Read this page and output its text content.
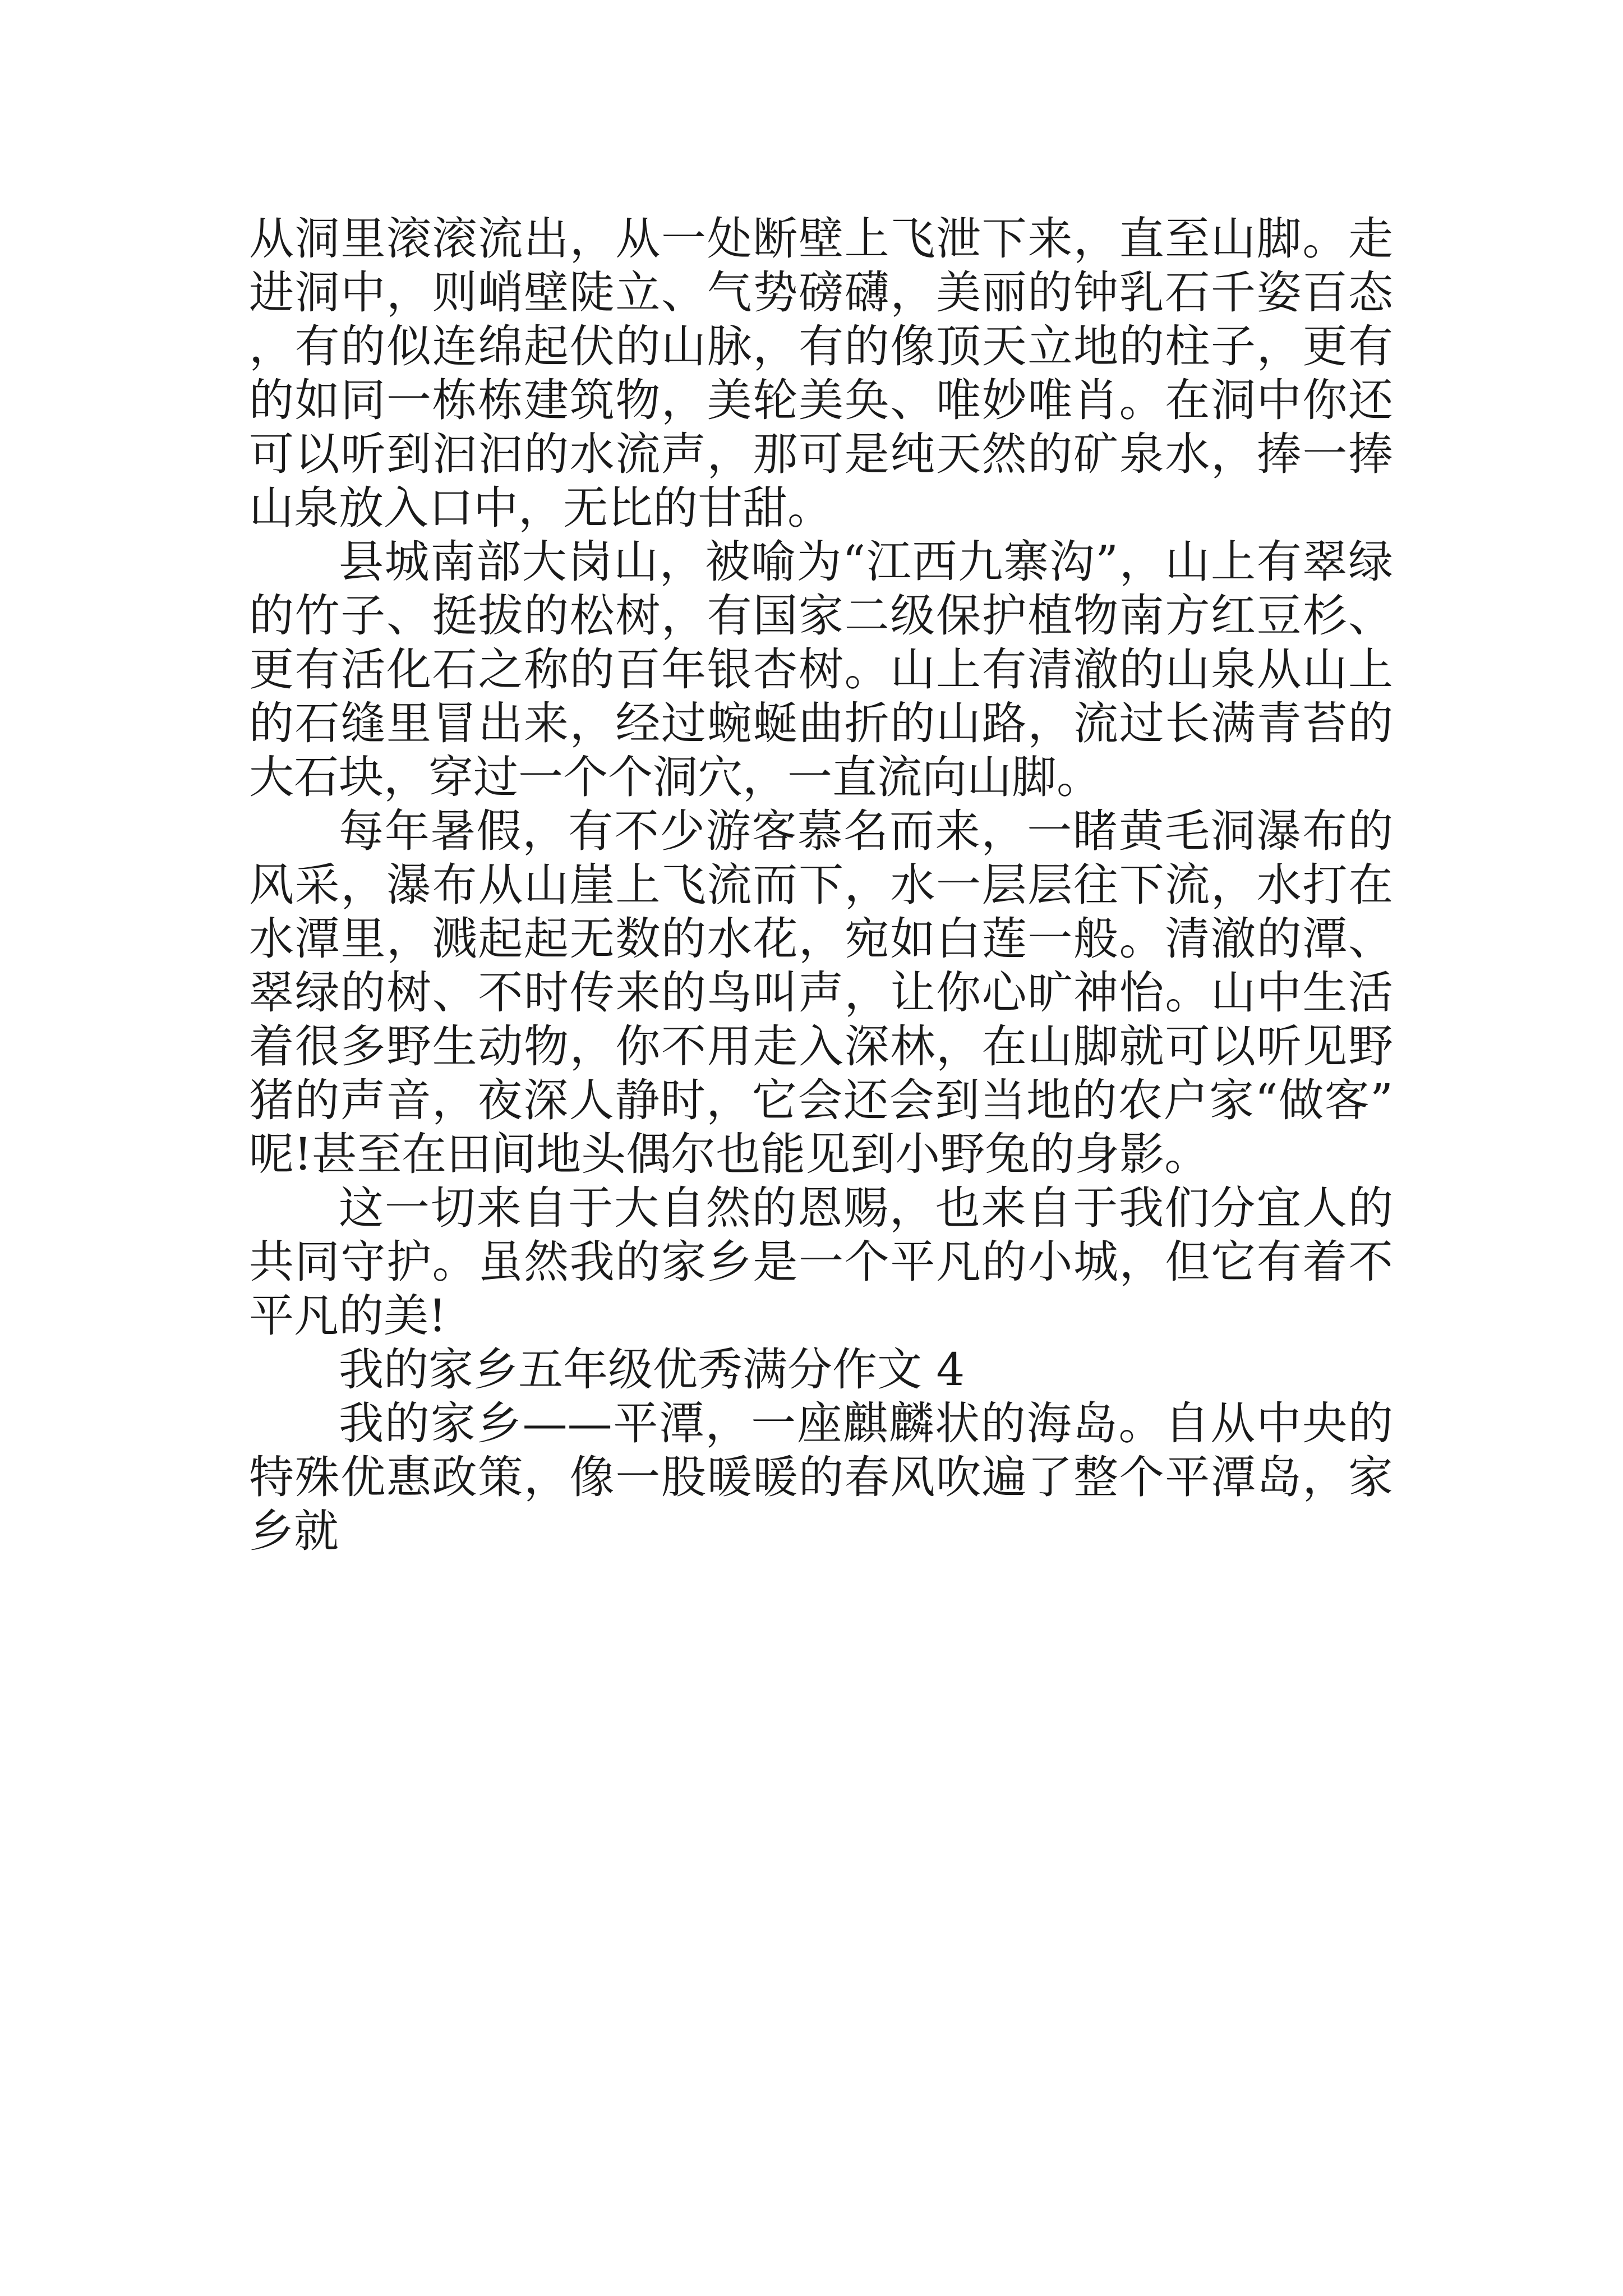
从洞里滚滚流出，从一处断壁上飞泄下来，直至山脚。走进洞中，则峭壁陡立、气势磅礴，美丽的钟乳石千姿百态，有的似连绵起伏的山脉，有的像顶天立地的柱子，更有的如同一栋栋建筑物，美轮美奂、唯妙唯肖。在洞中你还可以听到汩汩的水流声，那可是纯天然的矿泉水，捧一捧山泉放入口中，无比的甘甜。

县城南部大岗山，被喻为“江西九寨沟”，山上有翠绿的竹子、挺拔的松树，有国家二级保护植物南方红豆杉、更有活化石之称的百年银杏树。山上有清澈的山泉从山上的石缝里冒出来，经过蜿蜒曲折的山路，流过长满青苔的大石块，穿过一个个洞穴，一直流向山脚。

每年暑假，有不少游客慕名而来，一睹黄毛洞瀑布的风采，瀑布从山崖上飞流而下，水一层层往下流，水打在水潭里，溅起起无数的水花，宛如白莲一般。清澈的潭、翠绿的树、不时传来的鸟叫声，让你心旷神怡。山中生活着很多野生动物，你不用走入深林，在山脚就可以听见野猪的声音，夜深人静时，它会还会到当地的农户家“做客”呢!甚至在田间地头偶尔也能见到小野兔的身影。

这一切来自于大自然的恩赐，也来自于我们分宜人的共同守护。虽然我的家乡是一个平凡的小城，但它有着不平凡的美!

我的家乡五年级优秀满分作文 4

我的家乡——平潭，一座麒麟状的海岛。自从中央的特殊优惠政策，像一股暖暖的春风吹遍了整个平潭岛，家乡就
